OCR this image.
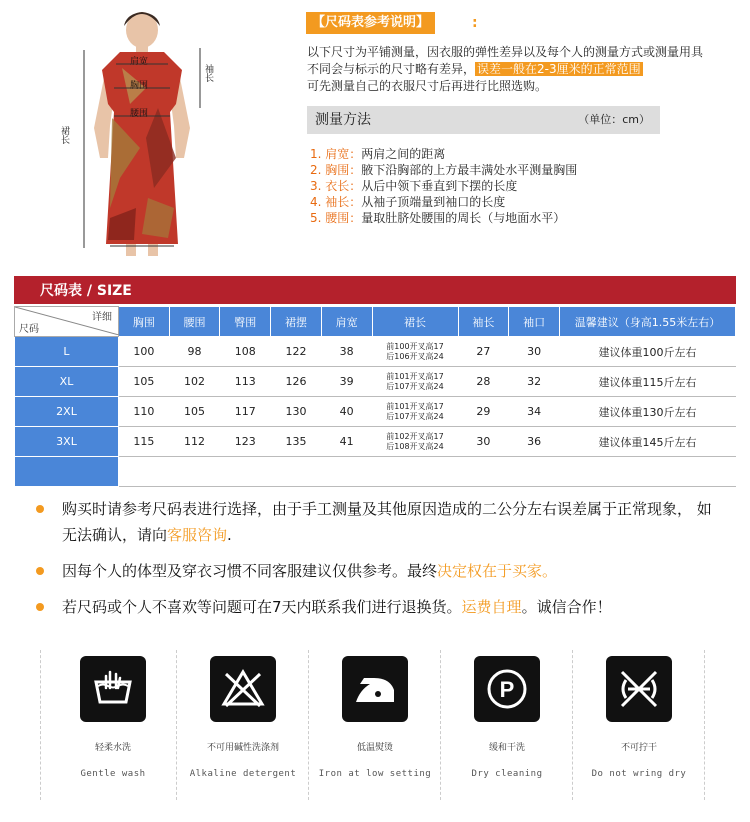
肩宽
胸围
腰围
袖长
裙长
【尺码表参考说明】	:
以下尺寸为平铺测量，因衣服的弹性差异以及每个人的测量方式或测量用具不同会与标示的尺寸略有差异， 误差一般在2-3厘米的正常范围
可先测量自己的衣服尺寸后再进行比照选购。
测量方法	（单位：cm）
1. 肩宽：两肩之间的距离
2. 胸围：腋下沿胸部的上方最丰满处水平测量胸围
3. 衣长：从后中领下垂直到下摆的长度
4. 袖长：从袖子顶端量到袖口的长度
5. 腰围：量取肚脐处腰围的周长（与地面水平）
尺码表 / SIZE
详细
尺码	胸围	腰围	臀围	裙摆	肩宽	裙长	袖长	袖口	温馨建议（身高1.55米左右）
L	100	98	108	122	38	前100开叉高17
后106开叉高24	27	30	建议体重100斤左右
XL	105	102	113	126	39	前101开叉高17
后107开叉高24	28	32	建议体重115斤左右
2XL	110	105	117	130	40	前101开叉高17
后107开叉高24	29	34	建议体重130斤左右
3XL	115	112	123	135	41	前102开叉高17
后108开叉高24	30	36	建议体重145斤左右

购买时请参考尺码表进行选择，由于手工测量及其他原因造成的二公分左右误差属于正常现象， 如无法确认，请向客服咨询.
因每个人的体型及穿衣习惯不同客服建议仅供参考。最终决定权在于买家。
若尺码或个人不喜欢等问题可在7天内联系我们进行退换货。运费自理。诚信合作！
轻柔水洗
Gentle wash
不可用碱性洗涤剂
Alkaline detergent
低温熨烫
Iron at low setting
P
缓和干洗
Dry cleaning
不可拧干
Do not wring dry
